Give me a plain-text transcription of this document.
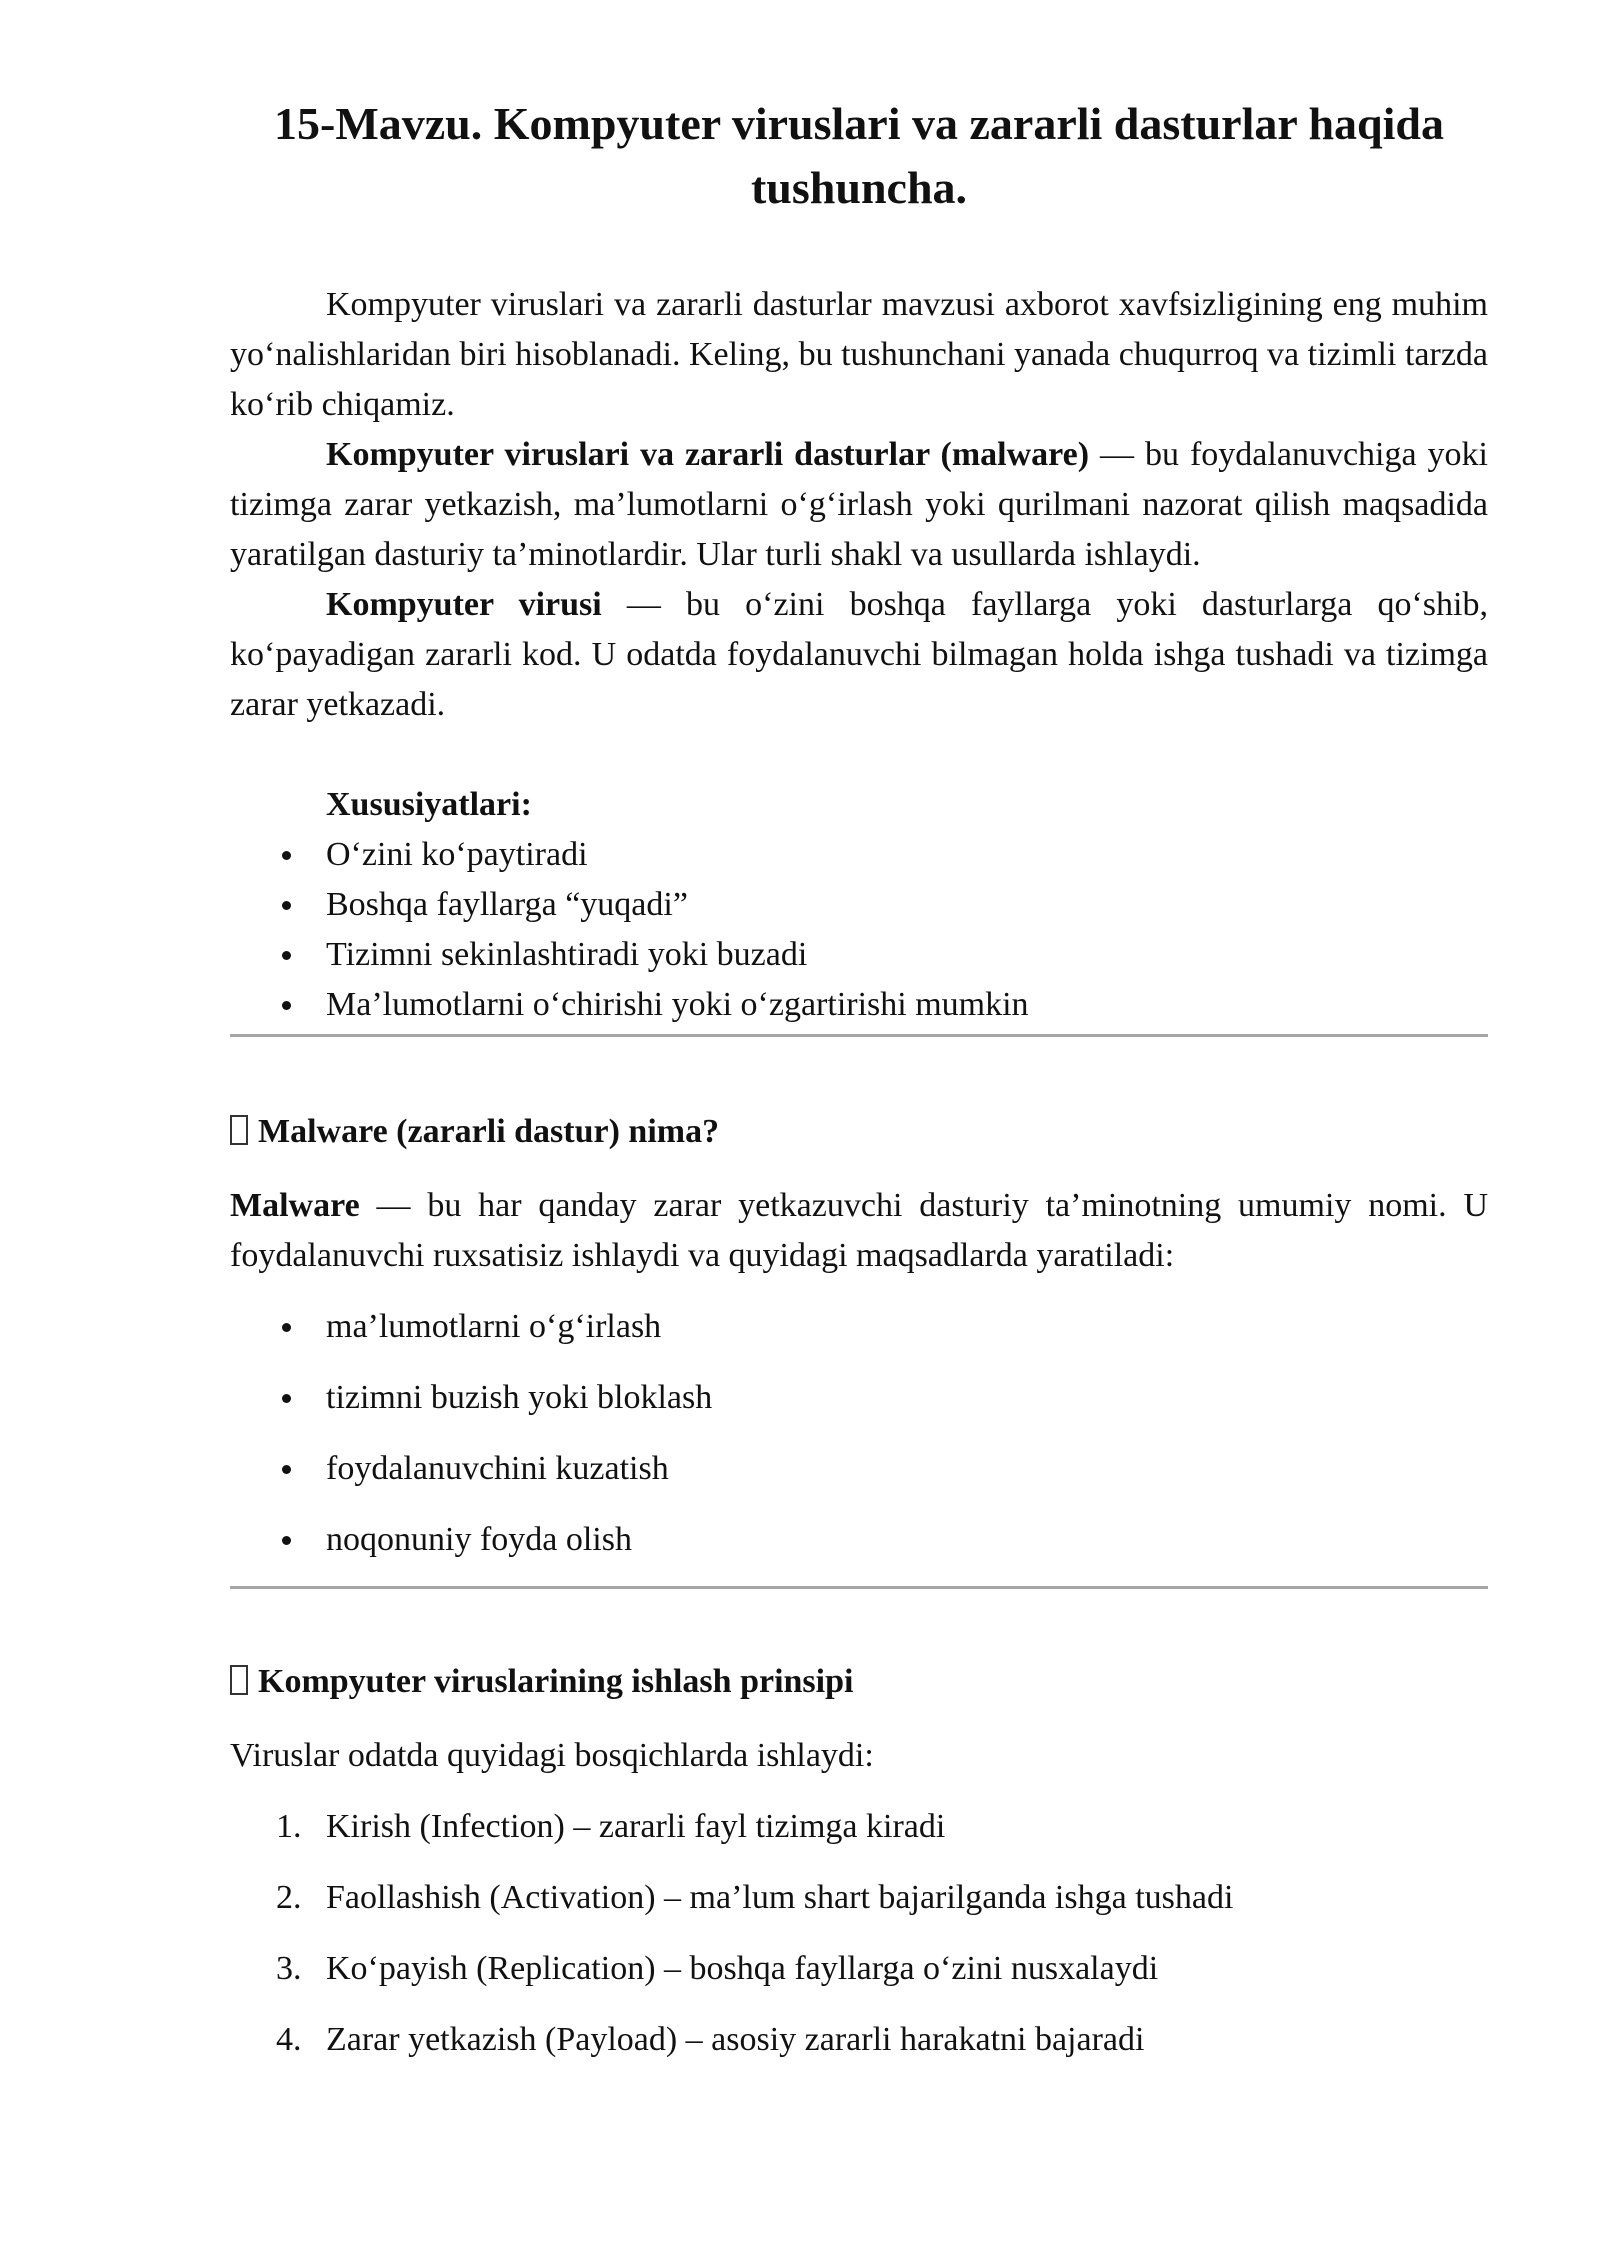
15-Mavzu. Kompyuter viruslari va zararli dasturlar haqida tushuncha.

Kompyuter viruslari va zararli dasturlar mavzusi axborot xavfsizligining eng muhim yo‘nalishlaridan biri hisoblanadi. Keling, bu tushunchani yanada chuqurroq va tizimli tarzda ko‘rib chiqamiz.

Kompyuter viruslari va zararli dasturlar (malware) — bu foydalanuvchiga yoki tizimga zarar yetkazish, ma’lumotlarni o‘g‘irlash yoki qurilmani nazorat qilish maqsadida yaratilgan dasturiy ta’minotlardir. Ular turli shakl va usullarda ishlaydi.

Kompyuter virusi — bu o‘zini boshqa fayllarga yoki dasturlarga qo‘shib, ko‘payadigan zararli kod. U odatda foydalanuvchi bilmagan holda ishga tushadi va tizimga zarar yetkazadi.

Xususiyatlari:

O‘zini ko‘paytiradi
Boshqa fayllarga “yuqadi”
Tizimni sekinlashtiradi yoki buzadi
Ma’lumotlarni o‘chirishi yoki o‘zgartirishi mumkin

Malware (zararli dastur) nima?

Malware — bu har qanday zarar yetkazuvchi dasturiy ta’minotning umumiy nomi. U foydalanuvchi ruxsatisiz ishlaydi va quyidagi maqsadlarda yaratiladi:

ma’lumotlarni o‘g‘irlash
tizimni buzish yoki bloklash
foydalanuvchini kuzatish
noqonuniy foyda olish

Kompyuter viruslarining ishlash prinsipi

Viruslar odatda quyidagi bosqichlarda ishlaydi:

1. Kirish (Infection) – zararli fayl tizimga kiradi
2. Faollashish (Activation) – ma’lum shart bajarilganda ishga tushadi
3. Ko‘payish (Replication) – boshqa fayllarga o‘zini nusxalaydi
4. Zarar yetkazish (Payload) – asosiy zararli harakatni bajaradi
